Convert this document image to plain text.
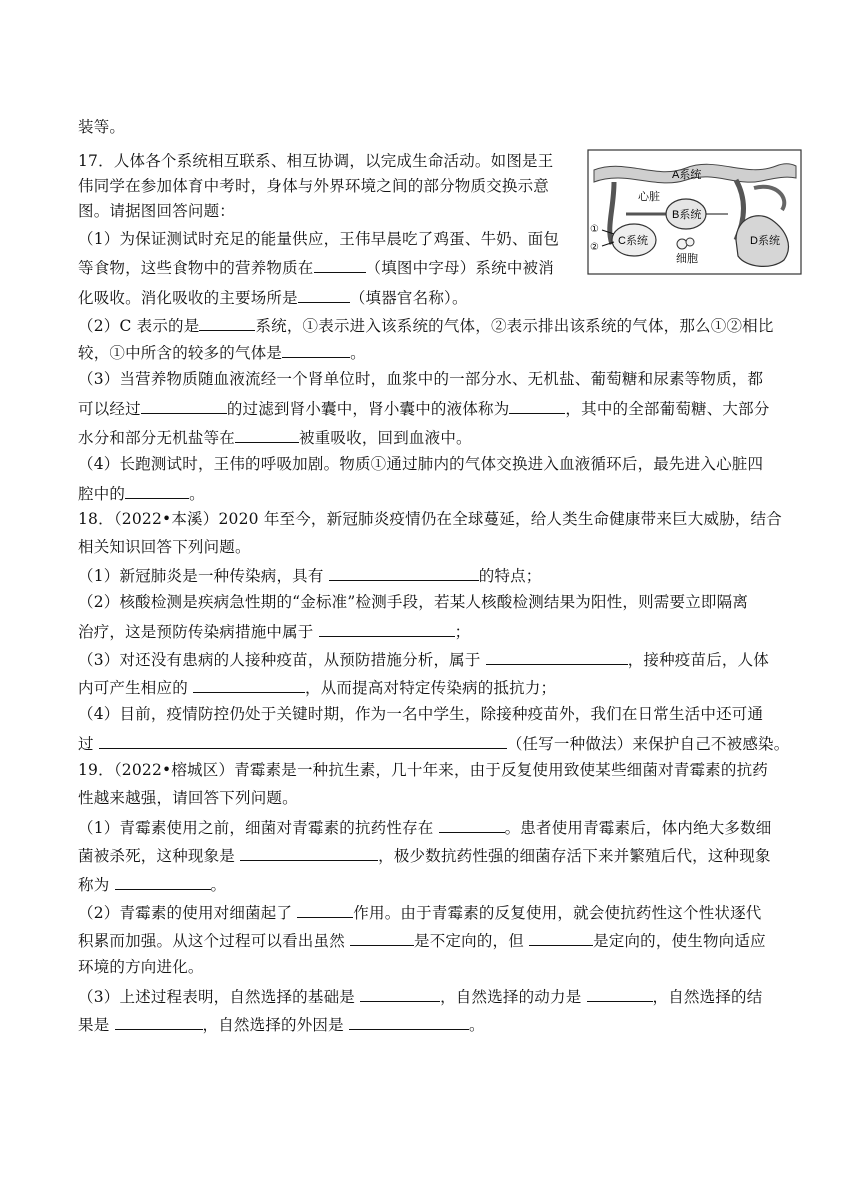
装等。
17．人体各个系统相互联系、相互协调，以完成生命活动。如图是王
伟同学在参加体育中考时，身体与外界环境之间的部分物质交换示意
图。请据图回答问题：
（1）为保证测试时充足的能量供应，王伟早晨吃了鸡蛋、牛奶、面包
等食物，这些食物中的营养物质在	（填图中字母）系统中被消
化吸收。消化吸收的主要场所是	（填器官名称）。
（2）C 表示的是	系统，①表示进入该系统的气体，②表示排出该系统的气体，那么①②相比
较，①中所含的较多的气体是	。
（3）当营养物质随血液流经一个肾单位时，血浆中的一部分水、无机盐、葡萄糖和尿素等物质，都
可以经过	的过滤到肾小囊中，肾小囊中的液体称为	，其中的全部葡萄糖、大部分
水分和部分无机盐等在	被重吸收，回到血液中。
（4）长跑测试时，王伟的呼吸加剧。物质①通过肺内的气体交换进入血液循环后，最先进入心脏四
腔中的	。
18．（2022•本溪）2020 年至今，新冠肺炎疫情仍在全球蔓延，给人类生命健康带来巨大威胁，结合
相关知识回答下列问题。
（1）新冠肺炎是一种传染病，具有	的特点；
（2）核酸检测是疾病急性期的“金标准”检测手段，若某人核酸检测结果为阳性，则需要立即隔离
治疗，这是预防传染病措施中属于	；
（3）对还没有患病的人接种疫苗，从预防措施分析，属于	，接种疫苗后，人体
内可产生相应的	，从而提高对特定传染病的抵抗力；
（4）目前，疫情防控仍处于关键时期，作为一名中学生，除接种疫苗外，我们在日常生活中还可通
过	（任写一种做法）来保护自己不被感染。
19．（2022•榕城区）青霉素是一种抗生素，几十年来，由于反复使用致使某些细菌对青霉素的抗药
性越来越强，请回答下列问题。
（1）青霉素使用之前，细菌对青霉素的抗药性存在	。患者使用青霉素后，体内绝大多数细
菌被杀死，这种现象是	，极少数抗药性强的细菌存活下来并繁殖后代，这种现象
称为	。
（2）青霉素的使用对细菌起了	作用。由于青霉素的反复使用，就会使抗药性这个性状逐代
积累而加强。从这个过程可以看出虽然	是不定向的，但	是定向的，使生物向适应
环境的方向进化。
（3）上述过程表明，自然选择的基础是	，自然选择的动力是	，自然选择的结
果是	，自然选择的外因是	。
A系统
心脏
B系统
C系统	D系统
细胞
①
②
